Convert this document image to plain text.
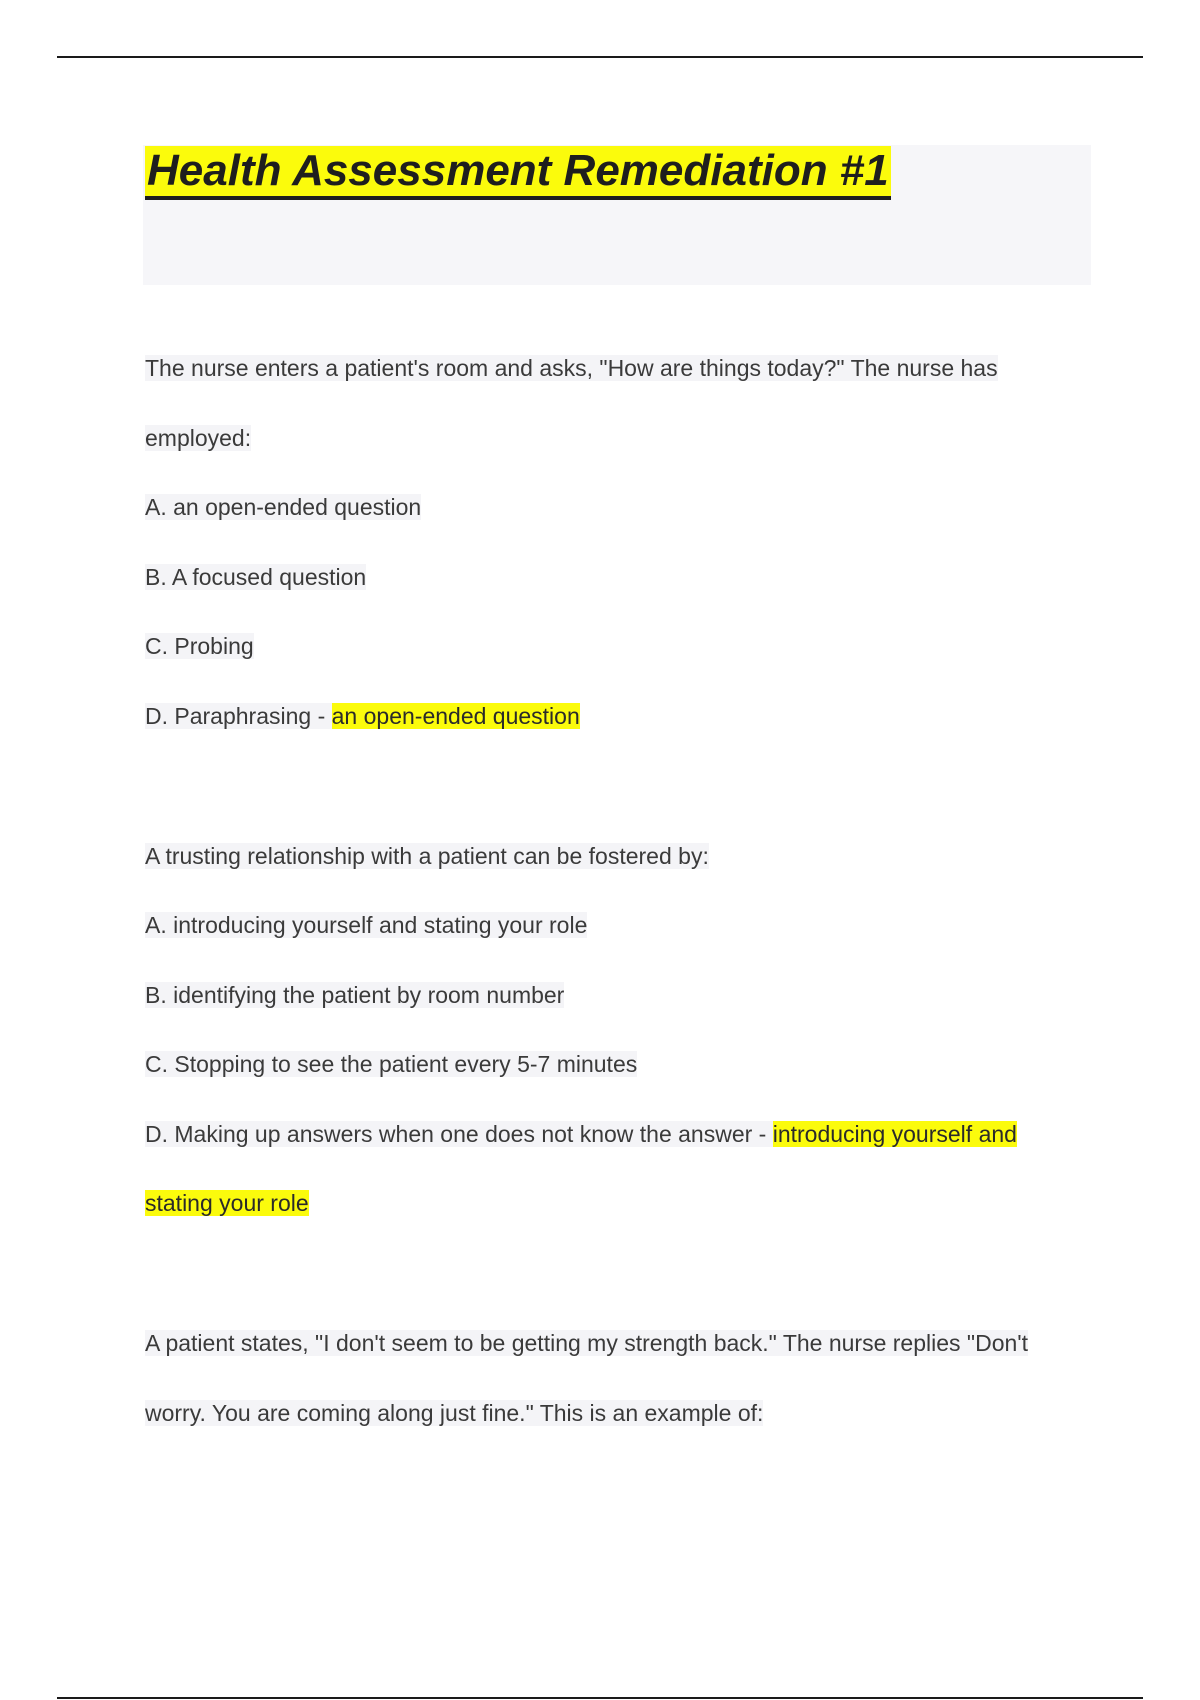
Health Assessment Remediation #1
The nurse enters a patient's room and asks, "How are things today?" The nurse has
employed:
A. an open-ended question
B. A focused question
C. Probing
D. Paraphrasing - an open-ended question
A trusting relationship with a patient can be fostered by:
A. introducing yourself and stating your role
B. identifying the patient by room number
C. Stopping to see the patient every 5-7 minutes
D. Making up answers when one does not know the answer - introducing yourself and
stating your role
A patient states, "I don't seem to be getting my strength back." The nurse replies "Don't
worry. You are coming along just fine." This is an example of:
